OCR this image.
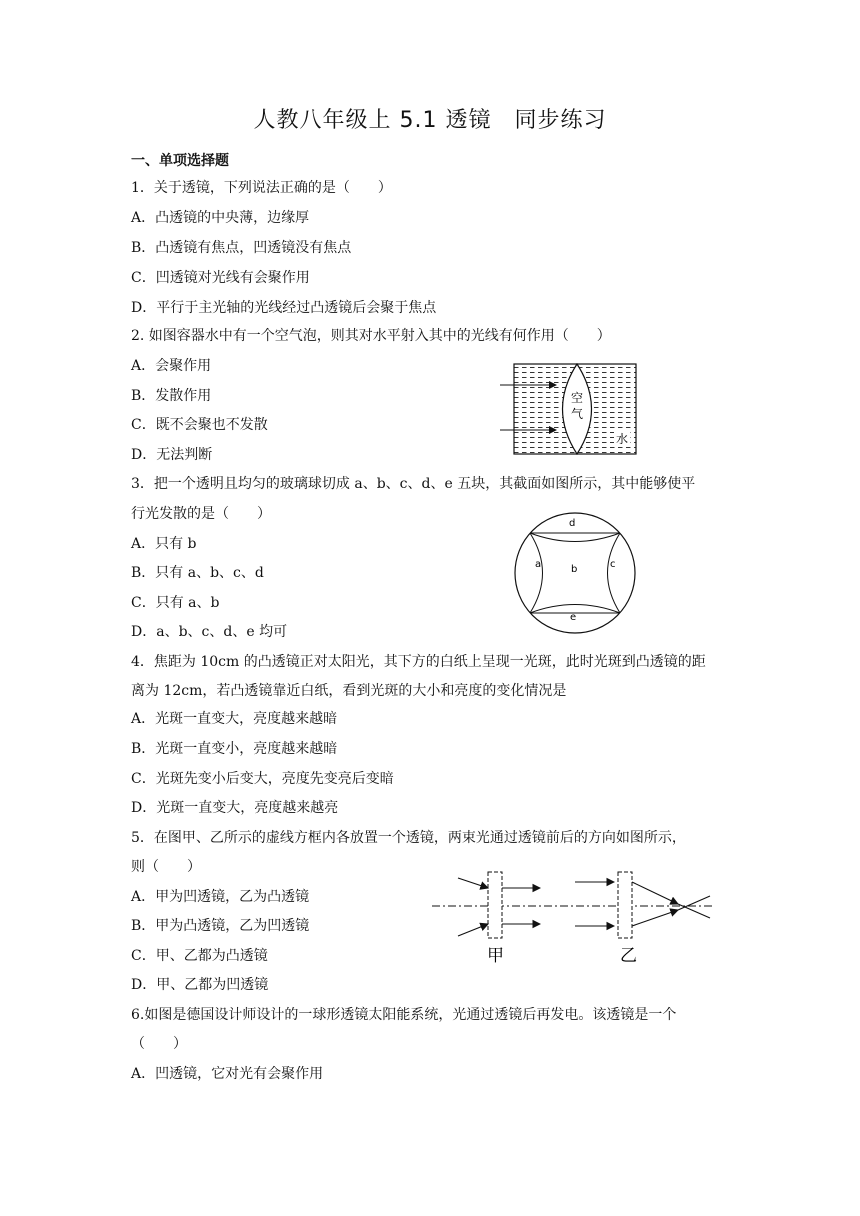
人教八年级上 5.1 透镜　同步练习
一、单项选择题
1．关于透镜，下列说法正确的是（　　）
A．凸透镜的中央薄，边缘厚
B．凸透镜有焦点，凹透镜没有焦点
C．凹透镜对光线有会聚作用
D．平行于主光轴的光线经过凸透镜后会聚于焦点
2. 如图容器水中有一个空气泡，则其对水平射入其中的光线有何作用（　　）
A．会聚作用
B．发散作用
C．既不会聚也不发散
D．无法判断
空
气
水
3．把一个透明且均匀的玻璃球切成 a、b、c、d、e 五块，其截面如图所示，其中能够使平
行光发散的是（　　）
A．只有 b
B．只有 a、b、c、d
C．只有 a、b
D．a、b、c、d、e 均可
d
a	b	c
e
4．焦距为 10cm 的凸透镜正对太阳光，其下方的白纸上呈现一光斑，此时光斑到凸透镜的距
离为 12cm，若凸透镜靠近白纸，看到光斑的大小和亮度的变化情况是
A．光斑一直变大，亮度越来越暗
B．光斑一直变小，亮度越来越暗
C．光斑先变小后变大，亮度先变亮后变暗
D．光斑一直变大，亮度越来越亮
5．在图甲、乙所示的虚线方框内各放置一个透镜，两束光通过透镜前后的方向如图所示，
则（　　）
A．甲为凹透镜，乙为凸透镜
B．甲为凸透镜，乙为凹透镜
C．甲、乙都为凸透镜
D．甲、乙都为凹透镜
甲	乙
6.如图是德国设计师设计的一球形透镜太阳能系统，光通过透镜后再发电。该透镜是一个
（　　）
A．凹透镜，它对光有会聚作用
